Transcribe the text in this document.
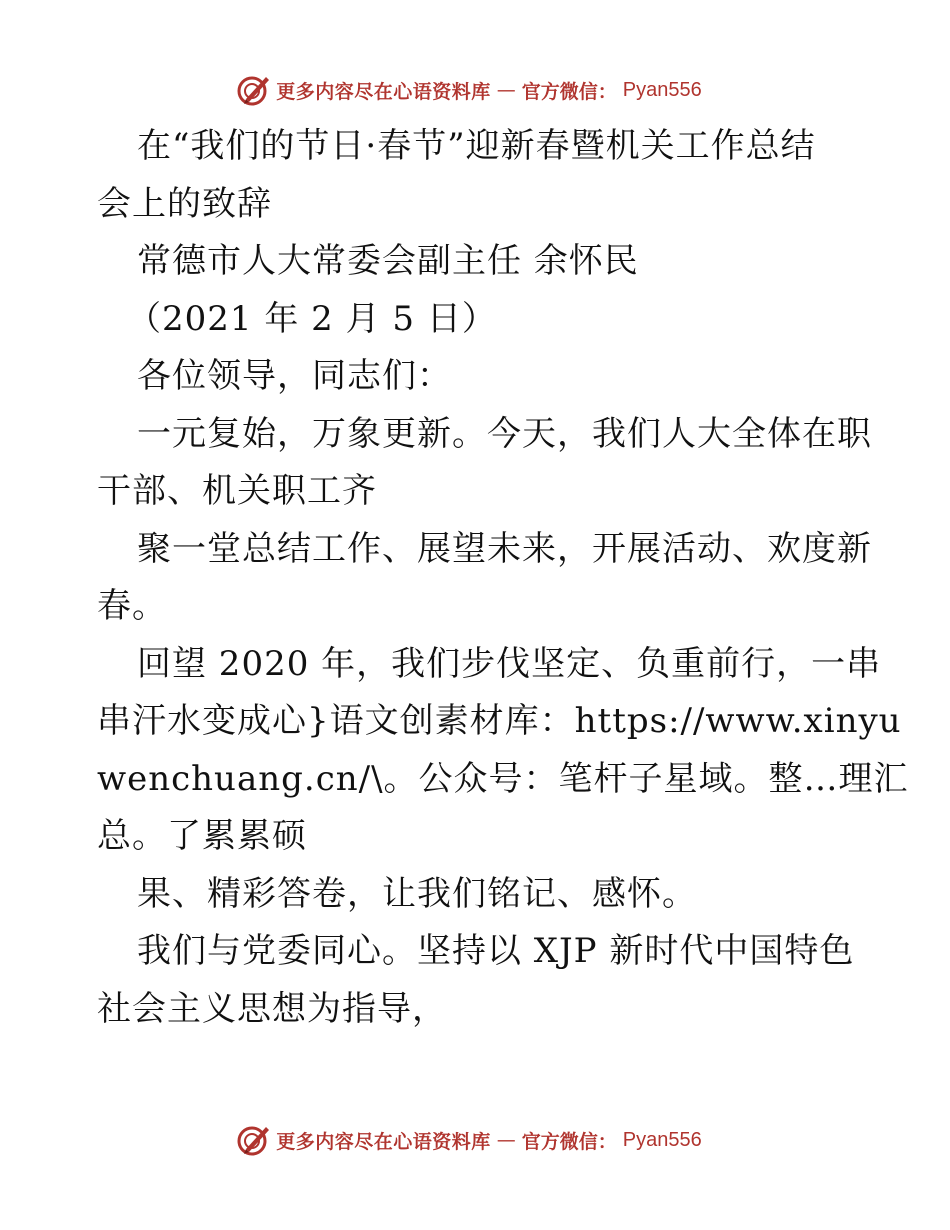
更多内容尽在心语资料库 — 官方微信： Pyan556
在“我们的节日·春节”迎新春暨机关工作总结
会上的致辞
常德市人大常委会副主任 余怀民
（2021 年 2 月 5 日）
各位领导，同志们：
一元复始，万象更新。今天，我们人大全体在职
干部、机关职工齐
聚一堂总结工作、展望未来，开展活动、欢度新
春。
回望 2020 年，我们步伐坚定、负重前行，一串
串汗水变成心}语文创素材库：https://www.xinyu
wenchuang.cn/\。公众号：笔杆子星域。整…理汇
总。了累累硕
果、精彩答卷，让我们铭记、感怀。
我们与党委同心。坚持以 XJP 新时代中国特色
社会主义思想为指导，
更多内容尽在心语资料库 — 官方微信： Pyan556
